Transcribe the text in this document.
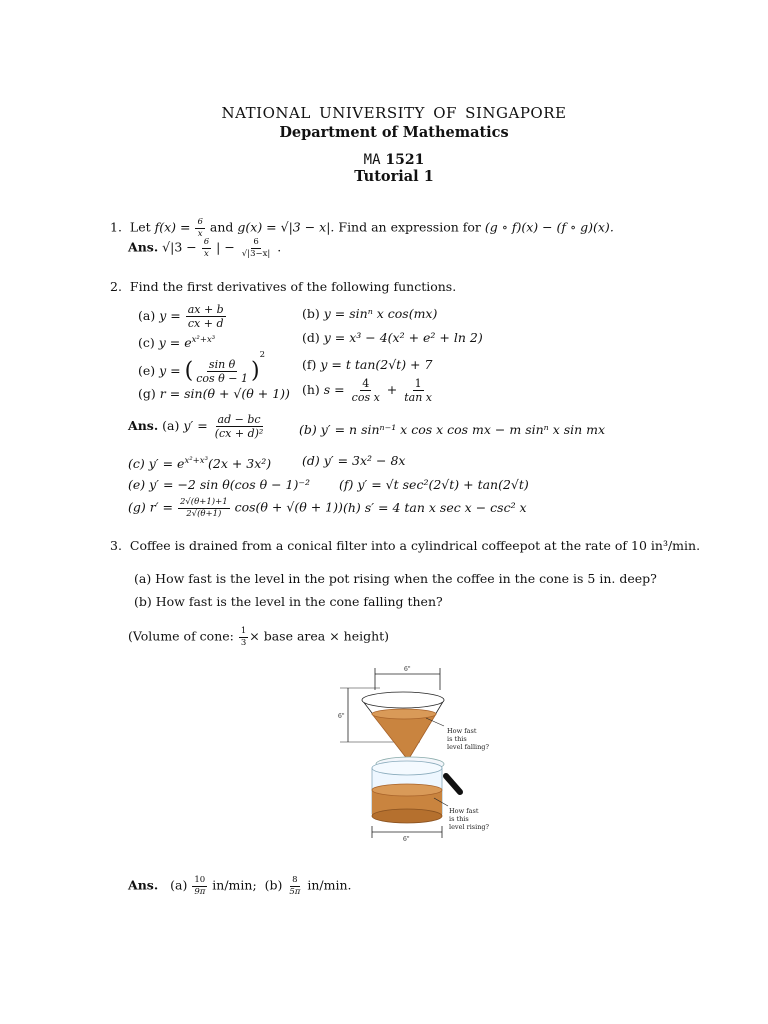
NATIONAL UNIVERSITY OF SINGAPORE
Department of Mathematics
MA 1521
Tutorial 1
1. Let $f(x) = \frac{6}{x}$ and g(x) = √|3 − x|. Find an expression for (g ∘ f)(x) − (f ∘ g)(x).
Ans. $√|3 - \frac{6}{x}$ | − $\frac{6}{√|3-x|}$ .
2. Find the first derivatives of the following functions.
(a) $y = \frac{ax + b}{cx + d}$	(b) y = sinⁿ x cos(mx)
(c) $y = e^{x^2+x^3}$	(d) y = x³ − 4(x² + e² + ln 2)
(e) y = ( $\frac{\text{sin θ}}{\text{cos θ − 1}} )^2$
(f) y = t tan(2√t) + 7
(g) r = sin(θ + √(θ + 1)) (h) $s = \frac{4}{\text{cos x}} + \frac{1}{\text{tan x}}$
Ans. (a) $y' = \frac{ad - bc}{\text{(cx + d)²}}$	(b) y′ = n sinⁿ⁻¹ x cos x cos mx − m sinⁿ x sin mx
(c) $y' = e^{x^2+x^3}(2x + 3x^2)$ (d) y′ = 3x² − 8x
(e) y′ = −2 sin θ(cos θ − 1)⁻² (f) y′ = √t sec²(2√t) + tan(2√t)
(g) $r' = \frac{2√(\theta+1)+1}{2√(\theta+1)} \cos(\theta + √(\theta + 1))$ (h) s′ = 4 tan x sec x − csc² x
3. Coffee is drained from a conical filter into a cylindrical coffeepot at the rate of 10 in³/min.
(a) How fast is the level in the pot rising when the coffee in the cone is 5 in. deep?
(b) How fast is the level in the cone falling then?
(Volume of cone: $\frac{1}{3}$ × base area × height)
6"
6"
6"
How fast
is this
level falling?
How fast
is this
level rising?
Ans. $(a) \frac{10}{9\pi} in/\min$; $(b) \frac{8}{5\pi} in/\min$.
